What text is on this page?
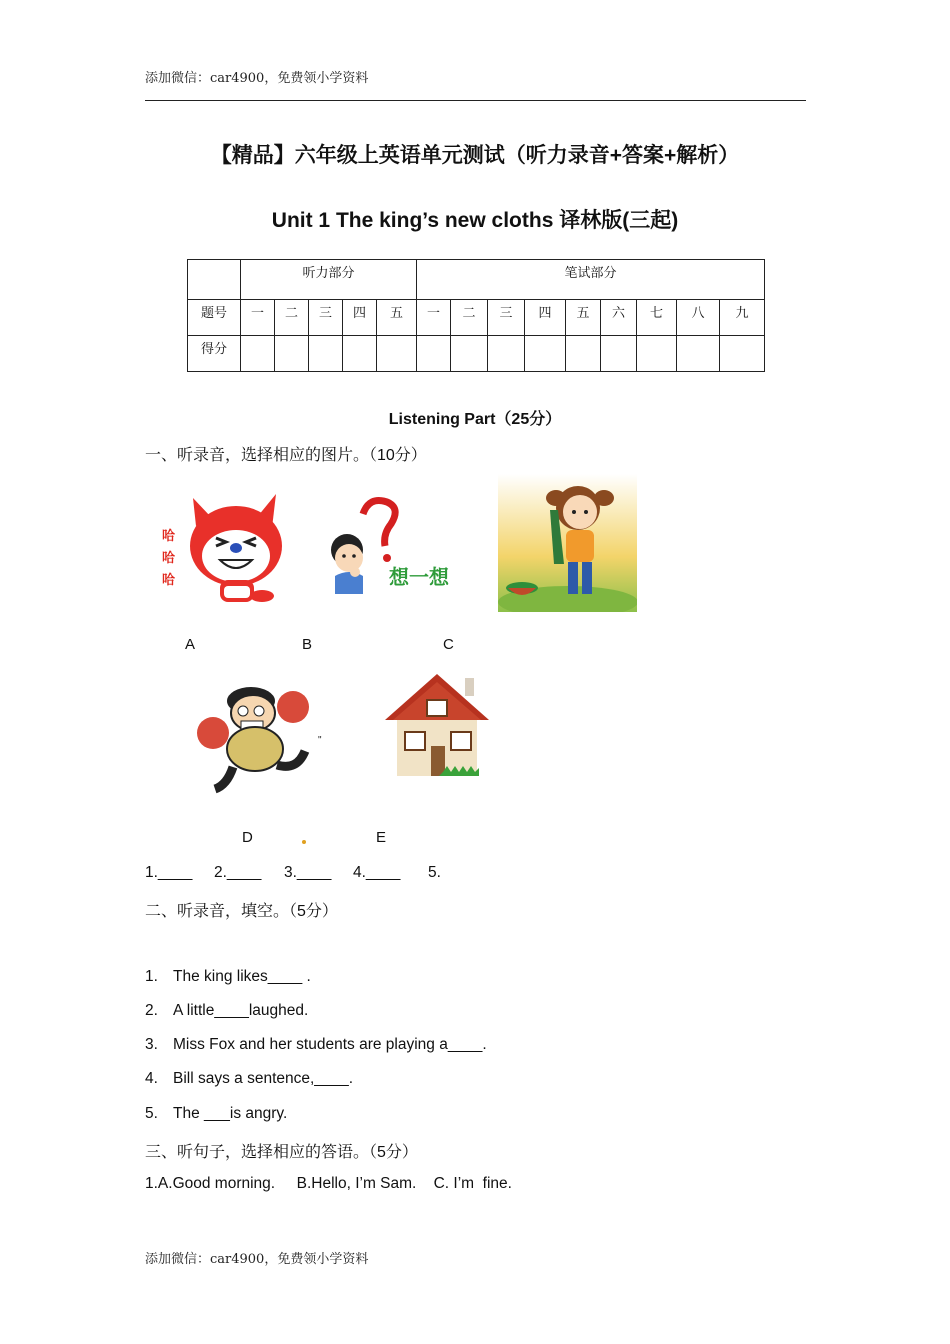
添加微信：car4900，免费领小学资料
【精品】六年级上英语单元测试（听力录音+答案+解析）
Unit 1 The king’s new cloths 译林版(三起)
	听力部分					笔试部分								
题号	一	二	三	四	五	一	二	三	四	五	六	七	八	九
得分														
Listening Part（25分）
一、听录音，选择相应的图片。（10分）
哈
哈
哈	想一想
A	B	C
"
D	E
1.____ 2.____ 3.____ 4.____ 5.
二、听录音，填空。（5分）
1. The king likes____ .
2. A little____laughed.
3. Miss Fox and her students are playing a____.
4. Bill says a sentence,____.
5. The ___is angry.
三、听句子，选择相应的答语。（5分）
1.A.Good morning.     B.Hello, I’m Sam.    C. I’m  fine.
添加微信：car4900，免费领小学资料
